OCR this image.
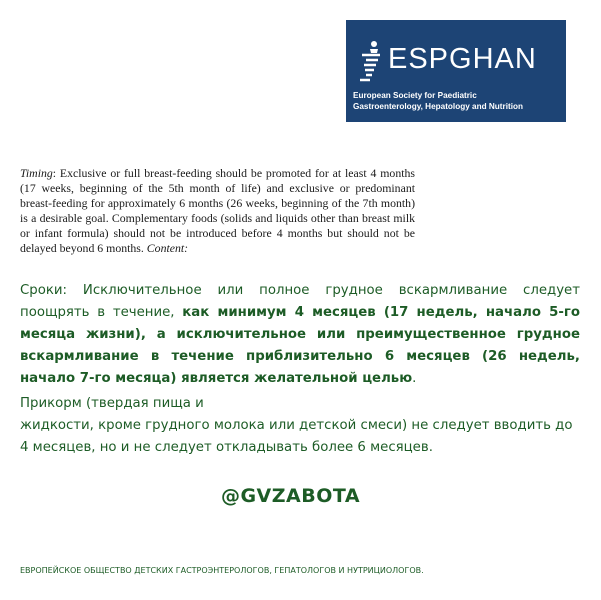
ESPGHAN
European Society for Paediatric
Gastroenterology, Hepatology and Nutrition
Timing: Exclusive or full breast-feeding should be promoted for at least 4 months (17 weeks, beginning of the 5th month of life) and exclusive or predominant breast-feeding for approximately 6 months (26 weeks, beginning of the 7th month) is a desirable goal. Complementary foods (solids and liquids other than breast milk or infant formula) should not be introduced before 4 months but should not be delayed beyond 6 months. Content:
Сроки: Исключительное или полное грудное вскармливание следует поощрять в течение, как минимум 4 месяцев (17 недель, начало 5-го месяца жизни), а исключительное или преимущественное грудное вскармливание в течение приблизительно 6 месяцев (26 недель, начало 7-го месяца) является желательной целью.
Прикорм (твердая пища и
жидкости, кроме грудного молока или детской смеси) не следует вводить до 4 месяцев, но и не следует откладывать более 6 месяцев.
@GVZABOTA
ЕВРОПЕЙСКОЕ ОБЩЕСТВО ДЕТСКИХ ГАСТРОЭНТЕРОЛОГОВ, ГЕПАТОЛОГОВ И НУТРИЦИОЛОГОВ.
